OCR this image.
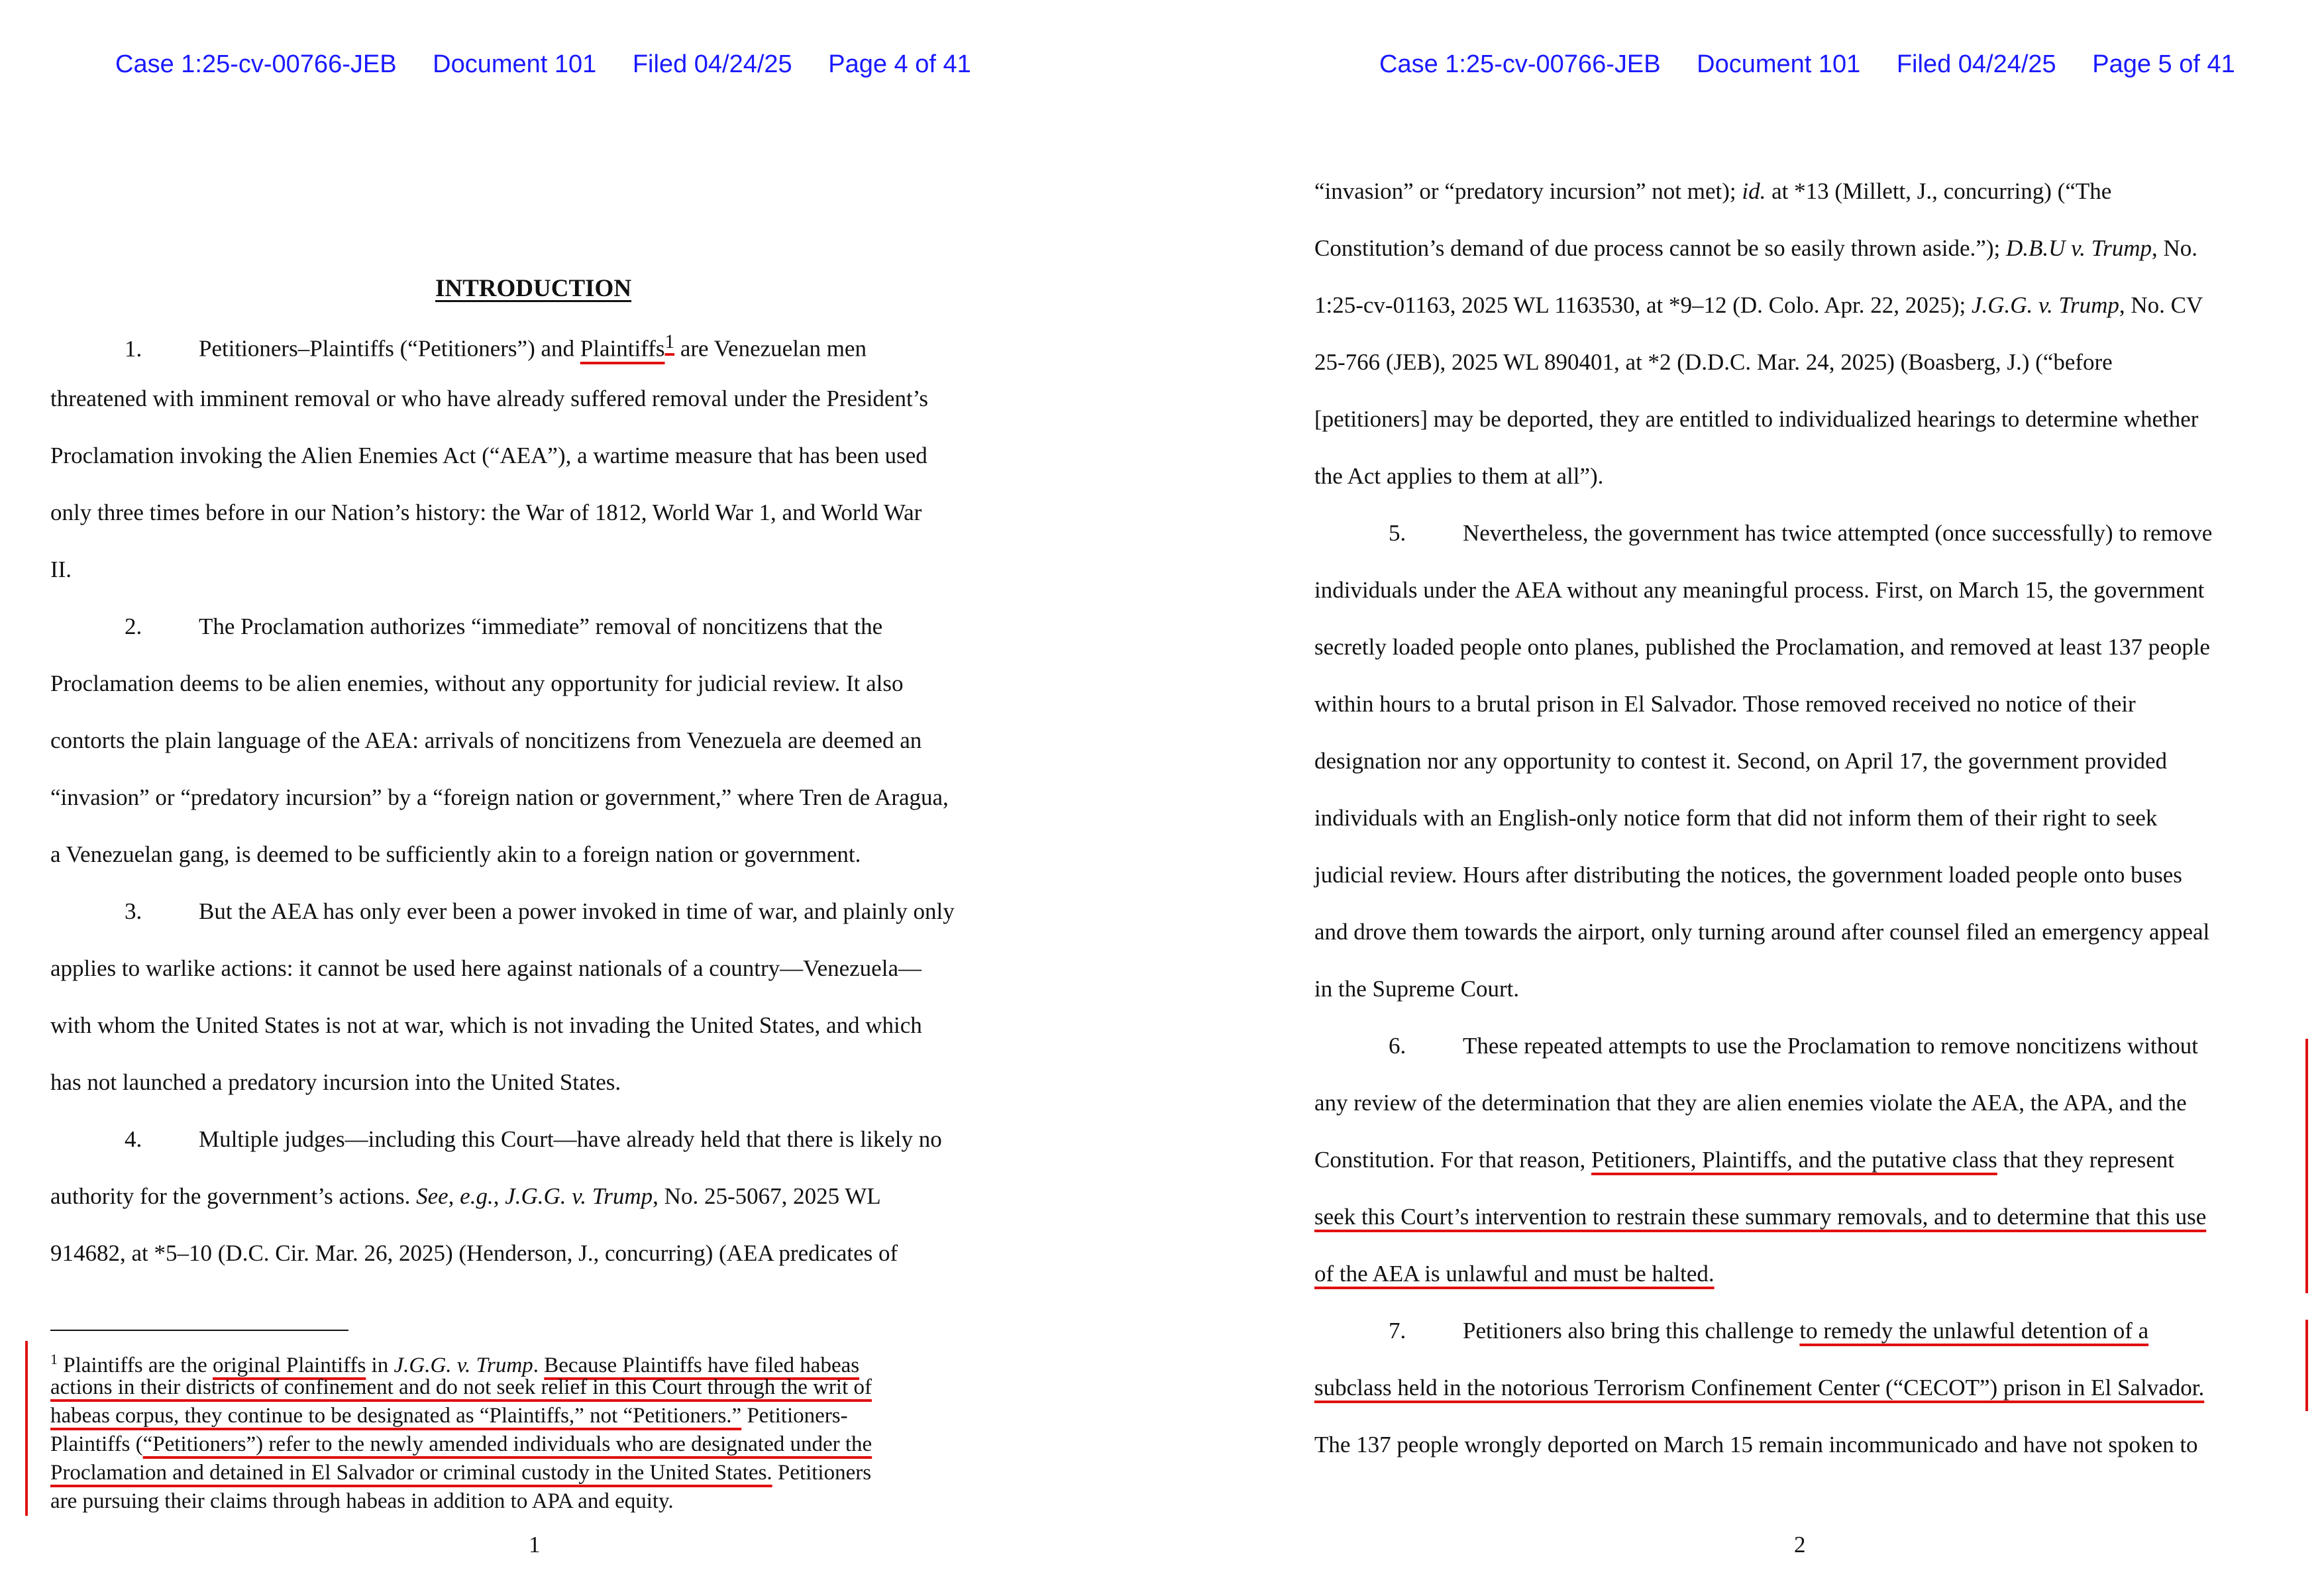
Case 1:25-cv-00766-JEB Document 101 Filed 04/24/25 Page 4 of 41
INTRODUCTION
1. Petitioners–Plaintiffs (“Petitioners”) and Plaintiffs$^1$ are Venezuelan men
threatened with imminent removal or who have already suffered removal under the President’s
Proclamation invoking the Alien Enemies Act (“AEA”), a wartime measure that has been used
only three times before in our Nation’s history: the War of 1812, World War 1, and World War
II.
2. The Proclamation authorizes “immediate” removal of noncitizens that the
Proclamation deems to be alien enemies, without any opportunity for judicial review. It also
contorts the plain language of the AEA: arrivals of noncitizens from Venezuela are deemed an
“invasion” or “predatory incursion” by a “foreign nation or government,” where Tren de Aragua,
a Venezuelan gang, is deemed to be sufficiently akin to a foreign nation or government.
3. But the AEA has only ever been a power invoked in time of war, and plainly only
applies to warlike actions: it cannot be used here against nationals of a country—Venezuela—
with whom the United States is not at war, which is not invading the United States, and which
has not launched a predatory incursion into the United States.
4. Multiple judges—including this Court—have already held that there is likely no
authority for the government’s actions. See, e.g., J.G.G. v. Trump, No. 25-5067, 2025 WL
914682, at *5–10 (D.C. Cir. Mar. 26, 2025) (Henderson, J., concurring) (AEA predicates of
$^1$ Plaintiffs are the original Plaintiffs in J.G.G. v. Trump. Because Plaintiffs have filed habeas
actions in their districts of confinement and do not seek relief in this Court through the writ of
habeas corpus, they continue to be designated as “Plaintiffs,” not “Petitioners.” Petitioners-
Plaintiffs (“Petitioners”) refer to the newly amended individuals who are designated under the
Proclamation and detained in El Salvador or criminal custody in the United States. Petitioners
are pursuing their claims through habeas in addition to APA and equity.
1
Case 1:25-cv-00766-JEB Document 101 Filed 04/24/25 Page 5 of 41
“invasion” or “predatory incursion” not met); id. at *13 (Millett, J., concurring) (“The
Constitution’s demand of due process cannot be so easily thrown aside.”); D.B.U v. Trump, No.
1:25-cv-01163, 2025 WL 1163530, at *9–12 (D. Colo. Apr. 22, 2025); J.G.G. v. Trump, No. CV
25-766 (JEB), 2025 WL 890401, at *2 (D.D.C. Mar. 24, 2025) (Boasberg, J.) (“before
[petitioners] may be deported, they are entitled to individualized hearings to determine whether
the Act applies to them at all”).
5. Nevertheless, the government has twice attempted (once successfully) to remove
individuals under the AEA without any meaningful process. First, on March 15, the government
secretly loaded people onto planes, published the Proclamation, and removed at least 137 people
within hours to a brutal prison in El Salvador. Those removed received no notice of their
designation nor any opportunity to contest it. Second, on April 17, the government provided
individuals with an English-only notice form that did not inform them of their right to seek
judicial review. Hours after distributing the notices, the government loaded people onto buses
and drove them towards the airport, only turning around after counsel filed an emergency appeal
in the Supreme Court.
6. These repeated attempts to use the Proclamation to remove noncitizens without
any review of the determination that they are alien enemies violate the AEA, the APA, and the
Constitution. For that reason, Petitioners, Plaintiffs, and the putative class that they represent
seek this Court’s intervention to restrain these summary removals, and to determine that this use
of the AEA is unlawful and must be halted.
7. Petitioners also bring this challenge to remedy the unlawful detention of a
subclass held in the notorious Terrorism Confinement Center (“CECOT”) prison in El Salvador.
The 137 people wrongly deported on March 15 remain incommunicado and have not spoken to
2
